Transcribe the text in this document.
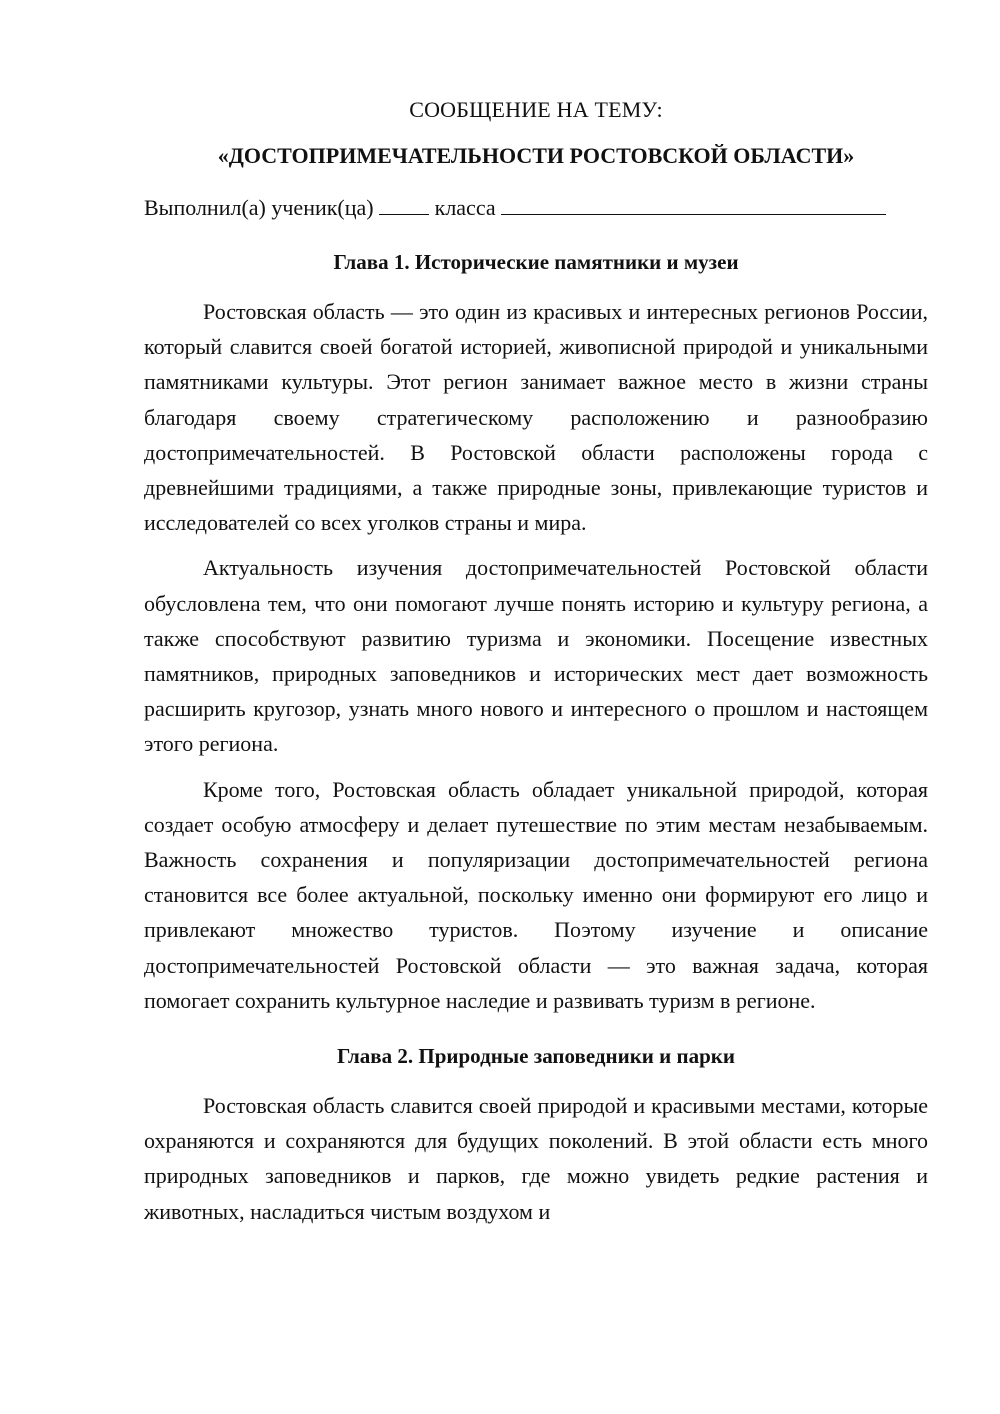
СООБЩЕНИЕ НА ТЕМУ:

«ДОСТОПРИМЕЧАТЕЛЬНОСТИ РОСТОВСКОЙ ОБЛАСТИ»

Выполнил(а) ученик(ца)	класса
Глава 1. Исторические памятники и музеи

Ростовская область — это один из красивых и интересных регионов России, который славится своей богатой историей, живописной природой и уникальными памятниками культуры. Этот регион занимает важное место в жизни страны благодаря своему стратегическому расположению и разнообразию достопримечательностей. В Ростовской области расположены города с древнейшими традициями, а также природные зоны, привлекающие туристов и исследователей со всех уголков страны и мира.

Актуальность изучения достопримечательностей Ростовской области обусловлена тем, что они помогают лучше понять историю и культуру региона, а также способствуют развитию туризма и экономики. Посещение известных памятников, природных заповедников и исторических мест дает возможность расширить кругозор, узнать много нового и интересного о прошлом и настоящем этого региона.

Кроме того, Ростовская область обладает уникальной природой, которая создает особую атмосферу и делает путешествие по этим местам незабываемым. Важность сохранения и популяризации достопримечательностей региона становится все более актуальной, поскольку именно они формируют его лицо и привлекают множество туристов. Поэтому изучение и описание достопримечательностей Ростовской области — это важная задача, которая помогает сохранить культурное наследие и развивать туризм в регионе.

Глава 2. Природные заповедники и парки

Ростовская область славится своей природой и красивыми местами, которые охраняются и сохраняются для будущих поколений. В этой области есть много природных заповедников и парков, где можно увидеть редкие растения и животных, насладиться чистым воздухом и
